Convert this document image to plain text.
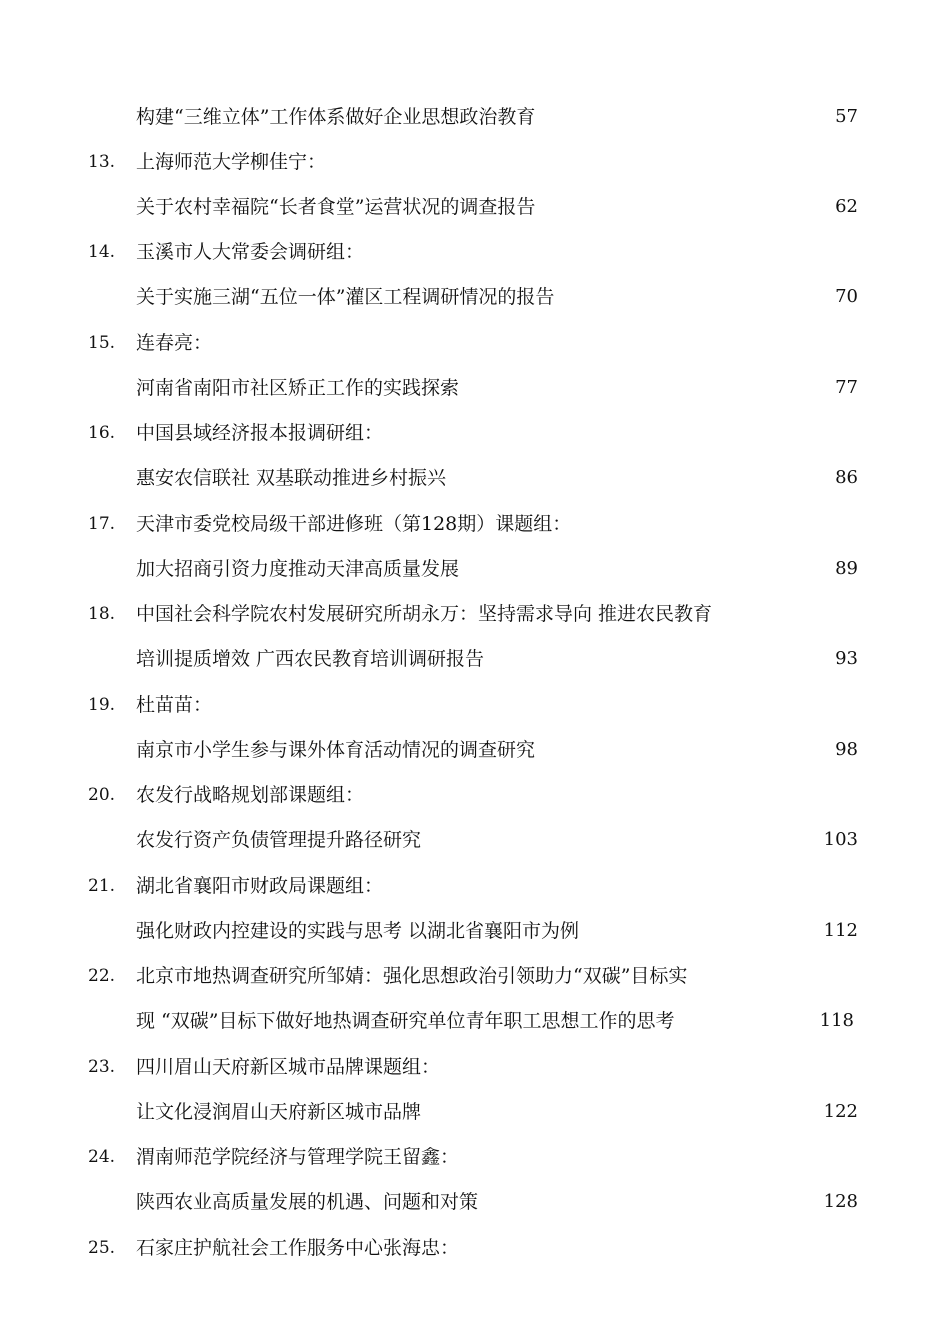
构建“三维立体”工作体系做好企业思想政治教育	57
13. 上海师范大学柳佳宁：
关于农村幸福院“长者食堂”运营状况的调查报告	62
14. 玉溪市人大常委会调研组：
关于实施三湖“五位一体”灌区工程调研情况的报告	70
15. 连春亮：
河南省南阳市社区矫正工作的实践探索	77
16. 中国县域经济报本报调研组：
惠安农信联社 双基联动推进乡村振兴	86
17. 天津市委党校局级干部进修班（第128期）课题组：
加大招商引资力度推动天津高质量发展	89
18. 中国社会科学院农村发展研究所胡永万：坚持需求导向 推进农民教育
培训提质增效 广西农民教育培训调研报告	93
19. 杜苗苗：
南京市小学生参与课外体育活动情况的调查研究	98
20. 农发行战略规划部课题组：
农发行资产负债管理提升路径研究	103
21. 湖北省襄阳市财政局课题组：
强化财政内控建设的实践与思考 以湖北省襄阳市为例	112
22. 北京市地热调查研究所邹婧：强化思想政治引领助力“双碳”目标实
现 “双碳”目标下做好地热调查研究单位青年职工思想工作的思考	118
23. 四川眉山天府新区城市品牌课题组：
让文化浸润眉山天府新区城市品牌	122
24. 渭南师范学院经济与管理学院王留鑫：
陕西农业高质量发展的机遇、问题和对策	128
25. 石家庄护航社会工作服务中心张海忠：
